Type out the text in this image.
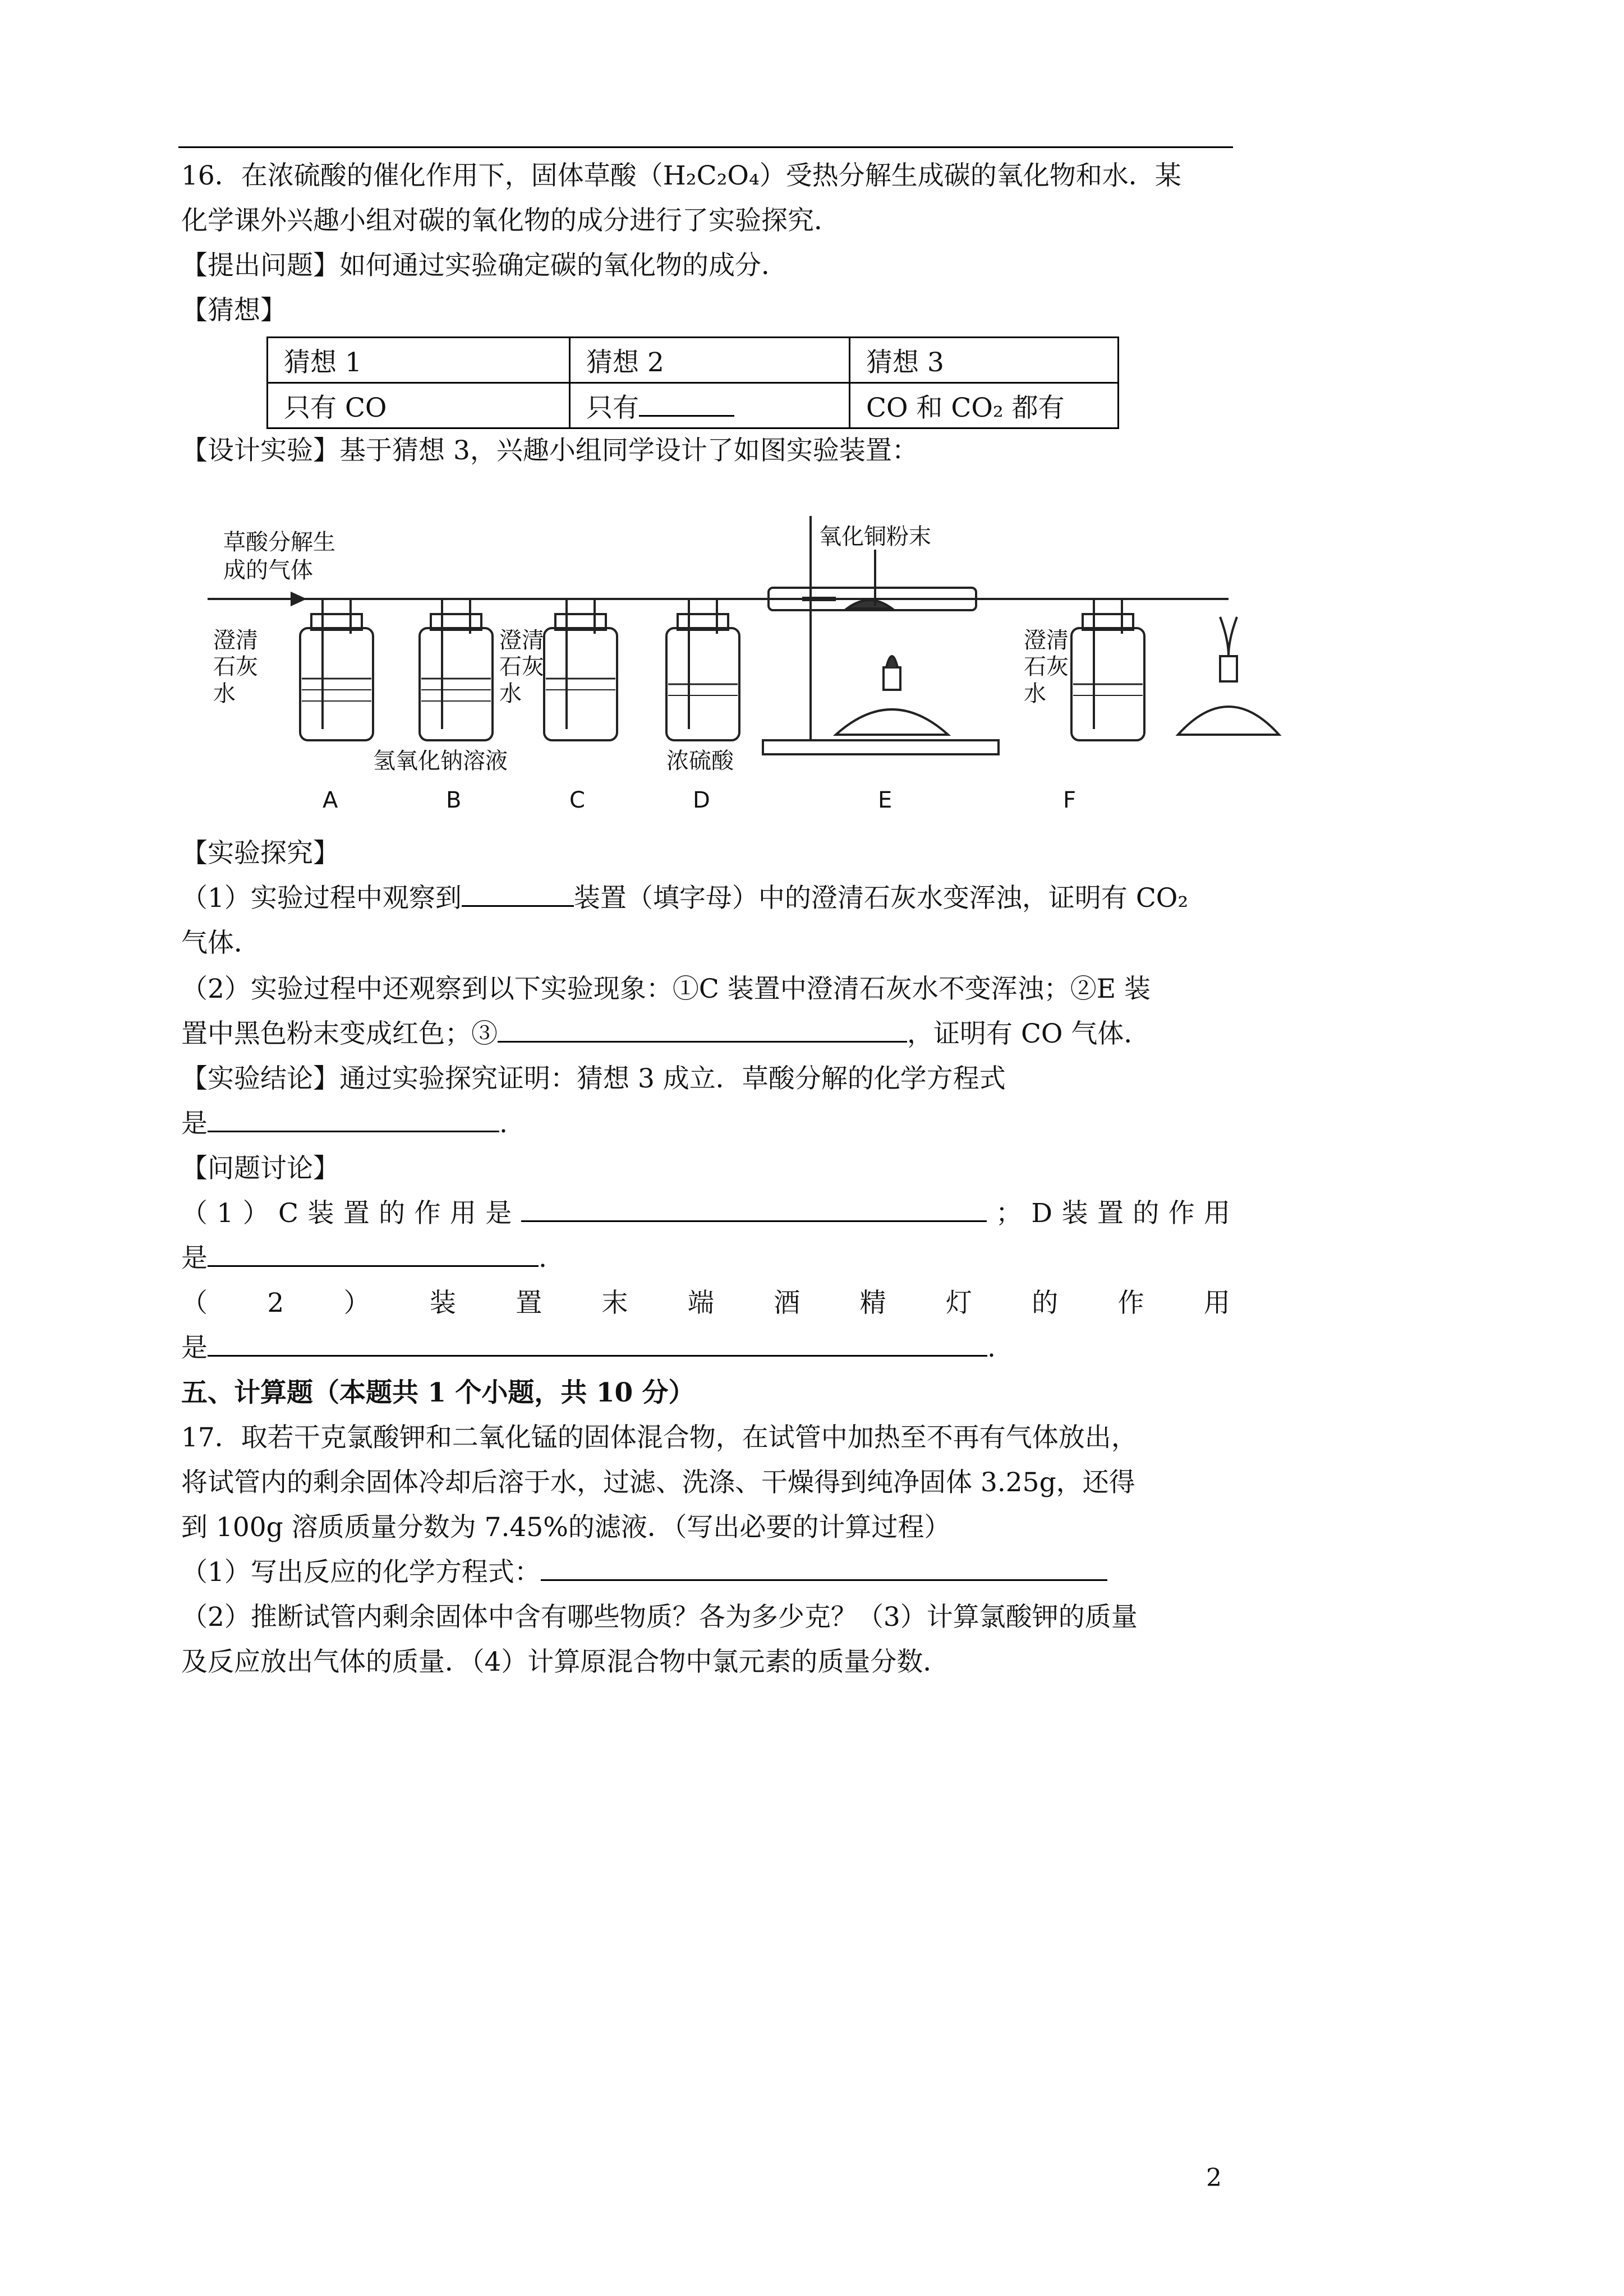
16．在浓硫酸的催化作用下，固体草酸（H₂C₂O₄）受热分解生成碳的氧化物和水．某
化学课外兴趣小组对碳的氧化物的成分进行了实验探究．
【提出问题】如何通过实验确定碳的氧化物的成分．
【猜想】
猜想 1	猜想 2	猜想 3
只有 CO	只有	CO 和 CO₂ 都有
【设计实验】基于猜想 3，兴趣小组同学设计了如图实验装置：
草酸分解生
成的气体
澄清
石灰
水
澄清
石灰
水
氢氧化钠溶液	浓硫酸
氧化铜粉末
澄清
石灰
水
A	B	C	D	E	F
【实验探究】
（1）实验过程中观察到	装置（填字母）中的澄清石灰水变浑浊，证明有 CO₂
气体．
（2）实验过程中还观察到以下实验现象：①C 装置中澄清石灰水不变浑浊；②E 装
置中黑色粉末变成红色；③	，证明有 CO 气体．
【实验结论】通过实验探究证明：猜想 3 成立．草酸分解的化学方程式
是	.
【问题讨论】
（ 1 ） C 装 置 的 作 用 是	； D 装 置 的 作 用
是	.
（ 2 ） 装 置 末 端 酒 精 灯 的 作 用
是	.
五、计算题（本题共 1 个小题，共 10 分）
17．取若干克氯酸钾和二氧化锰的固体混合物，在试管中加热至不再有气体放出，
将试管内的剩余固体冷却后溶于水，过滤、洗涤、干燥得到纯净固体 3.25g，还得
到 100g 溶质质量分数为 7.45%的滤液．（写出必要的计算过程）
（1）写出反应的化学方程式：
（2）推断试管内剩余固体中含有哪些物质？各为多少克？（3）计算氯酸钾的质量
及反应放出气体的质量．（4）计算原混合物中氯元素的质量分数．
2
